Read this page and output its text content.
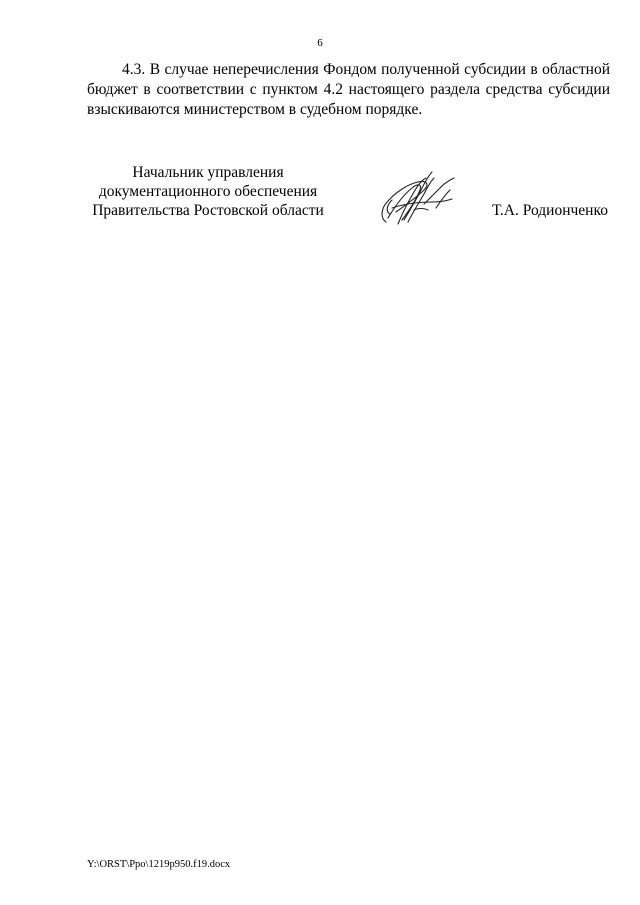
6

4.3. В случае неперечисления Фондом полученной субсидии в областной бюджет в соответствии с пунктом 4.2 настоящего раздела средства субсидии взыскиваются министерством в судебном порядке.

Начальник управления
документационного обеспечения
Правительства Ростовской области	Т.А. Родионченко
Y:\ORST\Ppo\1219p950.f19.docx
